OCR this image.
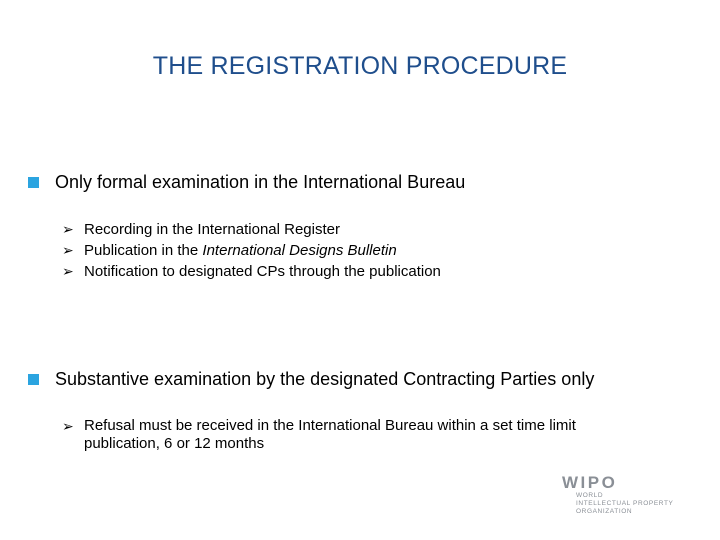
THE REGISTRATION PROCEDURE
Only formal examination in the International Bureau
➢ Recording in the International Register
➢ Publication in the International Designs Bulletin
➢ Notification to designated CPs through the publication
Substantive examination by the designated Contracting Parties only
➢ Refusal must be received in the International Bureau within a set time limit
publication, 6 or 12 months
WIPO
WORLD
INTELLECTUAL PROPERTY
ORGANIZATION
